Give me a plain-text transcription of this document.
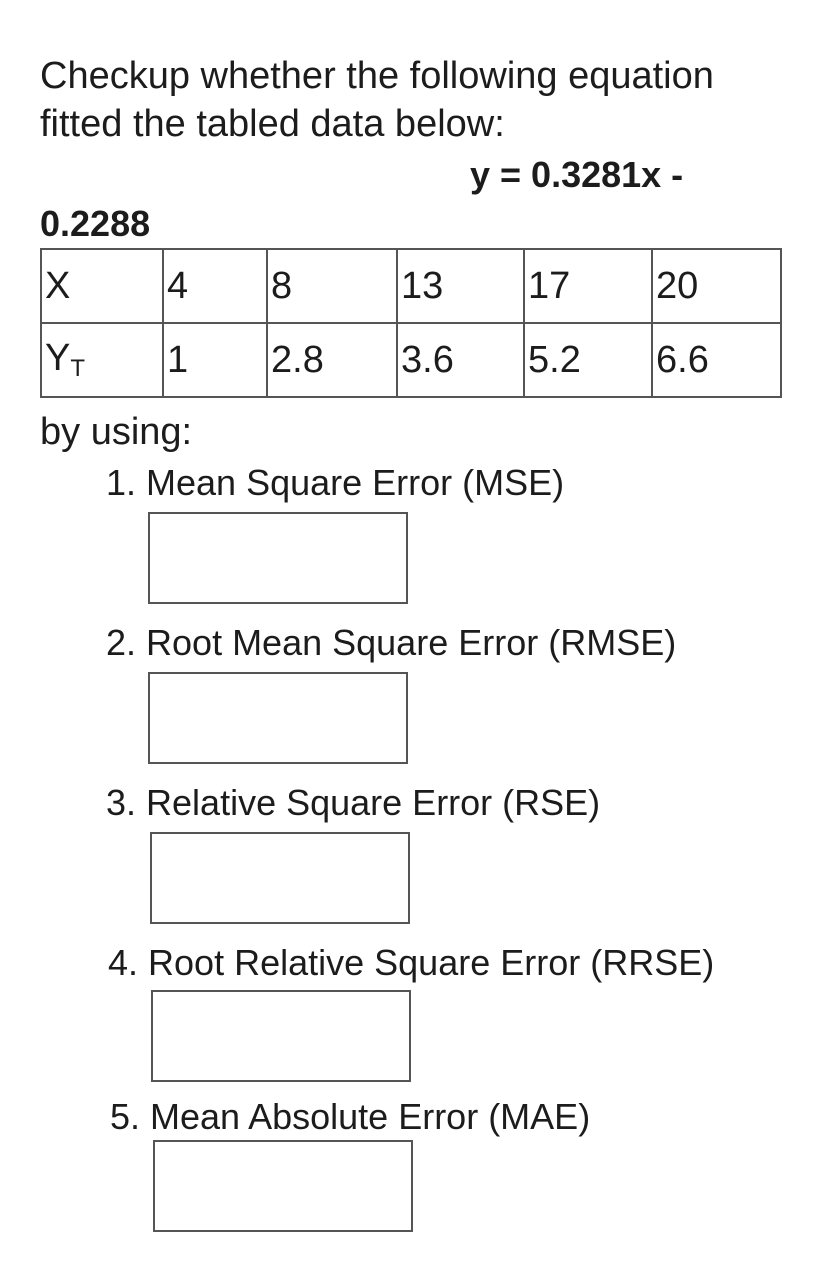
Checkup whether the following equation
fitted the tabled data below:
y = 0.3281x -
0.2288
X	4	8	13	17	20
$Y_T$	1	2.8	3.6	5.2	6.6
by using:
1. Mean Square Error (MSE)
2. Root Mean Square Error (RMSE)
3. Relative Square Error (RSE)
4. Root Relative Square Error (RRSE)
5. Mean Absolute Error (MAE)
